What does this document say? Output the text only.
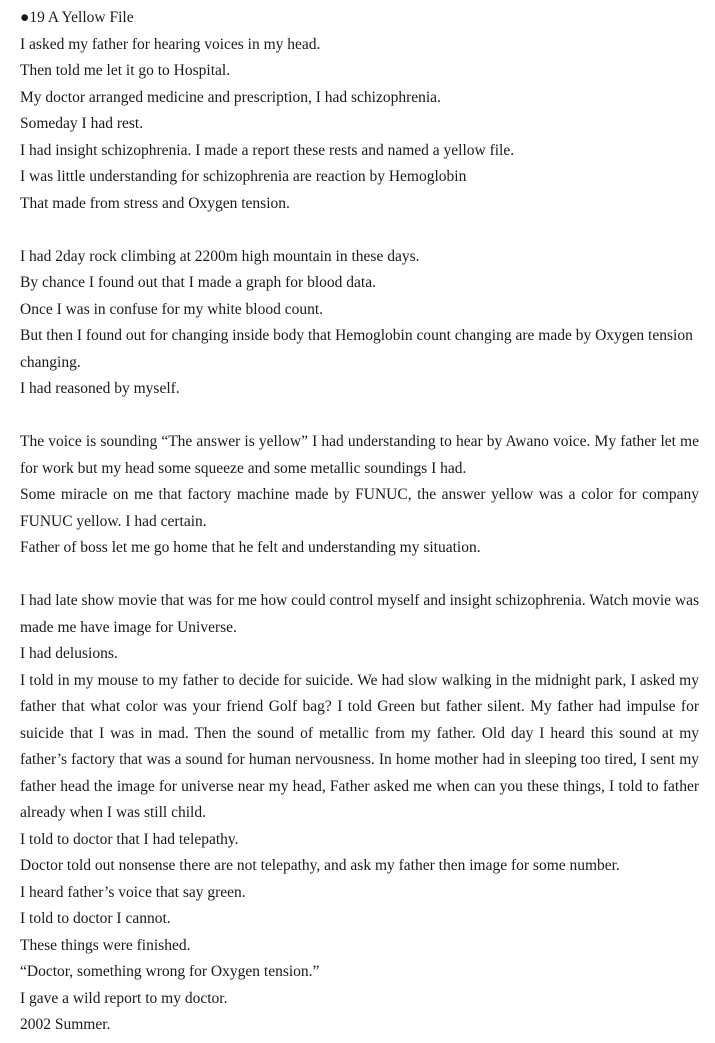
●19 A Yellow File
I asked my father for hearing voices in my head.
Then told me let it go to Hospital.
My doctor arranged medicine and prescription, I had schizophrenia.
Someday I had rest.
I had insight schizophrenia. I made a report these rests and named a yellow file.
I was little understanding for schizophrenia are reaction by Hemoglobin
That made from stress and Oxygen tension.
I had 2day rock climbing at 2200m high mountain in these days.
By chance I found out that I made a graph for blood data.
Once I was in confuse for my white blood count.
But then I found out for changing inside body that Hemoglobin count changing are made by Oxygen tension changing.
I had reasoned by myself.
The voice is sounding “The answer is yellow” I had understanding to hear by Awano voice. My father let me for work but my head some squeeze and some metallic soundings I had.
Some miracle on me that factory machine made by FUNUC, the answer yellow was a color for company FUNUC yellow. I had certain.
Father of boss let me go home that he felt and understanding my situation.
I had late show movie that was for me how could control myself and insight schizophrenia. Watch movie was made me have image for Universe.
I had delusions.
I told in my mouse to my father to decide for suicide. We had slow walking in the midnight park, I asked my father that what color was your friend Golf bag? I told Green but father silent. My father had impulse for suicide that I was in mad. Then the sound of metallic from my father. Old day I heard this sound at my father’s factory that was a sound for human nervousness. In home mother had in sleeping too tired, I sent my father head the image for universe near my head, Father asked me when can you these things, I told to father already when I was still child.
I told to doctor that I had telepathy.
Doctor told out nonsense there are not telepathy, and ask my father then image for some number.
I heard father’s voice that say green.
I told to doctor I cannot.
These things were finished.
“Doctor, something wrong for Oxygen tension.”
I gave a wild report to my doctor.
2002 Summer.
